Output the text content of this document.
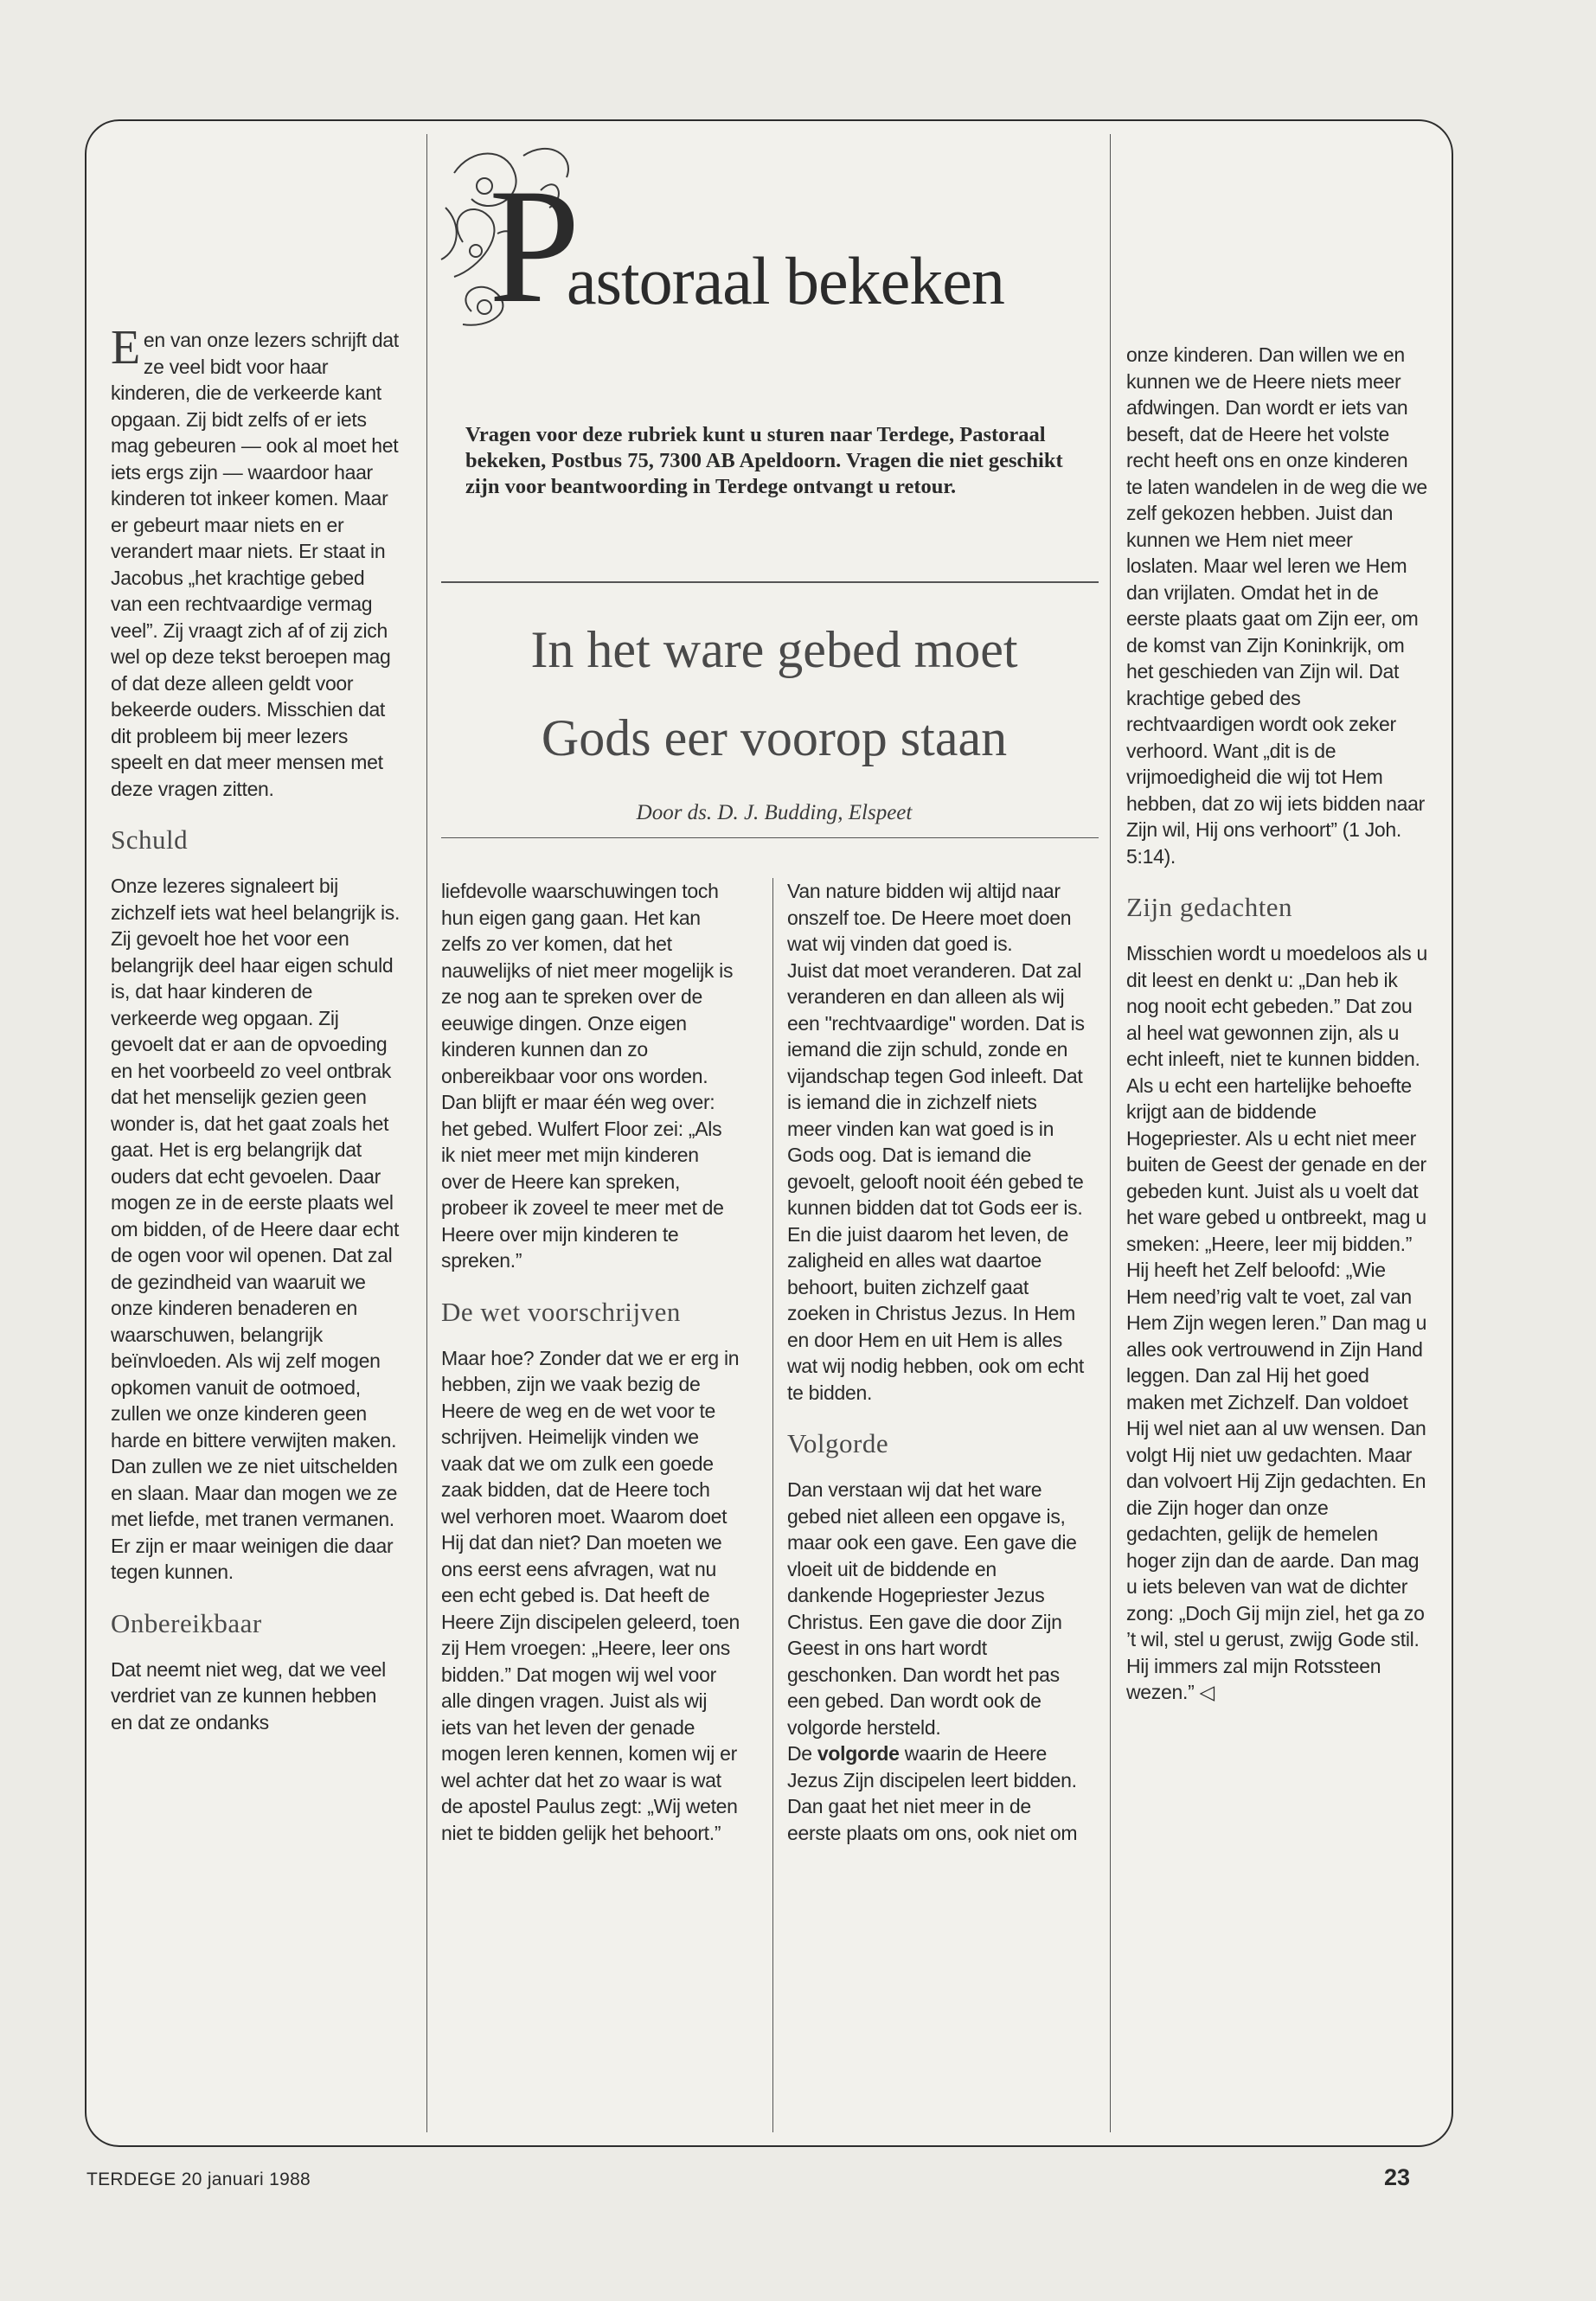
P
astoraal bekeken
Vragen voor deze rubriek kunt u sturen naar Terdege, Pastoraal bekeken, Postbus 75, 7300 AB Apeldoorn. Vragen die niet geschikt zijn voor beantwoording in Terdege ontvangt u retour.
In het ware gebed moet
Gods eer voorop staan
Door ds. D. J. Budding, Elspeet

Een van onze lezers schrijft dat ze veel bidt voor haar kinderen, die de verkeerde kant opgaan. Zij bidt zelfs of er iets mag gebeuren — ook al moet het iets ergs zijn — waardoor haar kinderen tot inkeer komen. Maar er gebeurt maar niets en er verandert maar niets. Er staat in Jacobus „het krachtige gebed van een rechtvaardige vermag veel”. Zij vraagt zich af of zij zich wel op deze tekst beroepen mag of dat deze alleen geldt voor bekeerde ouders. Misschien dat dit probleem bij meer lezers speelt en dat meer mensen met deze vragen zitten.

Schuld

Onze lezeres signaleert bij zichzelf iets wat heel belangrijk is. Zij gevoelt hoe het voor een belangrijk deel haar eigen schuld is, dat haar kinderen de verkeerde weg opgaan. Zij gevoelt dat er aan de opvoeding en het voorbeeld zo veel ontbrak dat het menselijk gezien geen wonder is, dat het gaat zoals het gaat. Het is erg belangrijk dat ouders dat echt gevoelen. Daar mogen ze in de eerste plaats wel om bidden, of de Heere daar echt de ogen voor wil openen. Dat zal de gezindheid van waaruit we onze kinderen benaderen en waarschuwen, belangrijk beïnvloeden. Als wij zelf mogen opkomen vanuit de ootmoed, zullen we onze kinderen geen harde en bittere verwijten maken. Dan zullen we ze niet uitschelden en slaan. Maar dan mogen we ze met liefde, met tranen vermanen. Er zijn er maar weinigen die daar tegen kunnen.

Onbereikbaar

Dat neemt niet weg, dat we veel verdriet van ze kunnen hebben en dat ze ondanks

liefdevolle waarschuwingen toch hun eigen gang gaan. Het kan zelfs zo ver komen, dat het nauwelijks of niet meer mogelijk is ze nog aan te spreken over de eeuwige dingen. Onze eigen kinderen kunnen dan zo onbereikbaar voor ons worden. Dan blijft er maar één weg over: het gebed. Wulfert Floor zei: „Als ik niet meer met mijn kinderen over de Heere kan spreken, probeer ik zoveel te meer met de Heere over mijn kinderen te spreken.”

De wet voorschrijven

Maar hoe? Zonder dat we er erg in hebben, zijn we vaak bezig de Heere de weg en de wet voor te schrijven. Heimelijk vinden we vaak dat we om zulk een goede zaak bidden, dat de Heere toch wel verhoren moet. Waarom doet Hij dat dan niet? Dan moeten we ons eerst eens afvragen, wat nu een echt gebed is. Dat heeft de Heere Zijn discipelen geleerd, toen zij Hem vroegen: „Heere, leer ons bidden.” Dat mogen wij wel voor alle dingen vragen. Juist als wij iets van het leven der genade mogen leren kennen, komen wij er wel achter dat het zo waar is wat de apostel Paulus zegt: „Wij weten niet te bidden gelijk het behoort.”

Van nature bidden wij altijd naar onszelf toe. De Heere moet doen wat wij vinden dat goed is.

Juist dat moet veranderen. Dat zal veranderen en dan alleen als wij een "rechtvaardige" worden. Dat is iemand die zijn schuld, zonde en vijandschap tegen God inleeft. Dat is iemand die in zichzelf niets meer vinden kan wat goed is in Gods oog. Dat is iemand die gevoelt, gelooft nooit één gebed te kunnen bidden dat tot Gods eer is. En die juist daarom het leven, de zaligheid en alles wat daartoe behoort, buiten zichzelf gaat zoeken in Christus Jezus. In Hem en door Hem en uit Hem is alles wat wij nodig hebben, ook om echt te bidden.

Volgorde

Dan verstaan wij dat het ware gebed niet alleen een opgave is, maar ook een gave. Een gave die vloeit uit de biddende en dankende Hogepriester Jezus Christus. Een gave die door Zijn Geest in ons hart wordt geschonken. Dan wordt het pas een gebed. Dan wordt ook de volgorde hersteld.

De volgorde waarin de Heere Jezus Zijn discipelen leert bidden. Dan gaat het niet meer in de eerste plaats om ons, ook niet om

onze kinderen. Dan willen we en kunnen we de Heere niets meer afdwingen. Dan wordt er iets van beseft, dat de Heere het volste recht heeft ons en onze kinderen te laten wandelen in de weg die we zelf gekozen hebben. Juist dan kunnen we Hem niet meer loslaten. Maar wel leren we Hem dan vrijlaten. Omdat het in de eerste plaats gaat om Zijn eer, om de komst van Zijn Koninkrijk, om het geschieden van Zijn wil. Dat krachtige gebed des rechtvaardigen wordt ook zeker verhoord. Want „dit is de vrijmoedigheid die wij tot Hem hebben, dat zo wij iets bidden naar Zijn wil, Hij ons verhoort” (1 Joh. 5:14).

Zijn gedachten

Misschien wordt u moedeloos als u dit leest en denkt u: „Dan heb ik nog nooit echt gebeden.” Dat zou al heel wat gewonnen zijn, als u echt inleeft, niet te kunnen bidden. Als u echt een hartelijke behoefte krijgt aan de biddende Hogepriester. Als u echt niet meer buiten de Geest der genade en der gebeden kunt. Juist als u voelt dat het ware gebed u ontbreekt, mag u smeken: „Heere, leer mij bidden.” Hij heeft het Zelf beloofd: „Wie Hem need’rig valt te voet, zal van Hem Zijn wegen leren.” Dan mag u alles ook vertrouwend in Zijn Hand leggen. Dan zal Hij het goed maken met Zichzelf. Dan voldoet Hij wel niet aan al uw wensen. Dan volgt Hij niet uw gedachten. Maar dan volvoert Hij Zijn gedachten. En die Zijn hoger dan onze gedachten, gelijk de hemelen hoger zijn dan de aarde. Dan mag u iets beleven van wat de dichter zong: „Doch Gij mijn ziel, het ga zo ’t wil, stel u gerust, zwijg Gode stil. Hij immers zal mijn Rotssteen wezen.” ◁

TERDEGE 20 januari 1988	23
